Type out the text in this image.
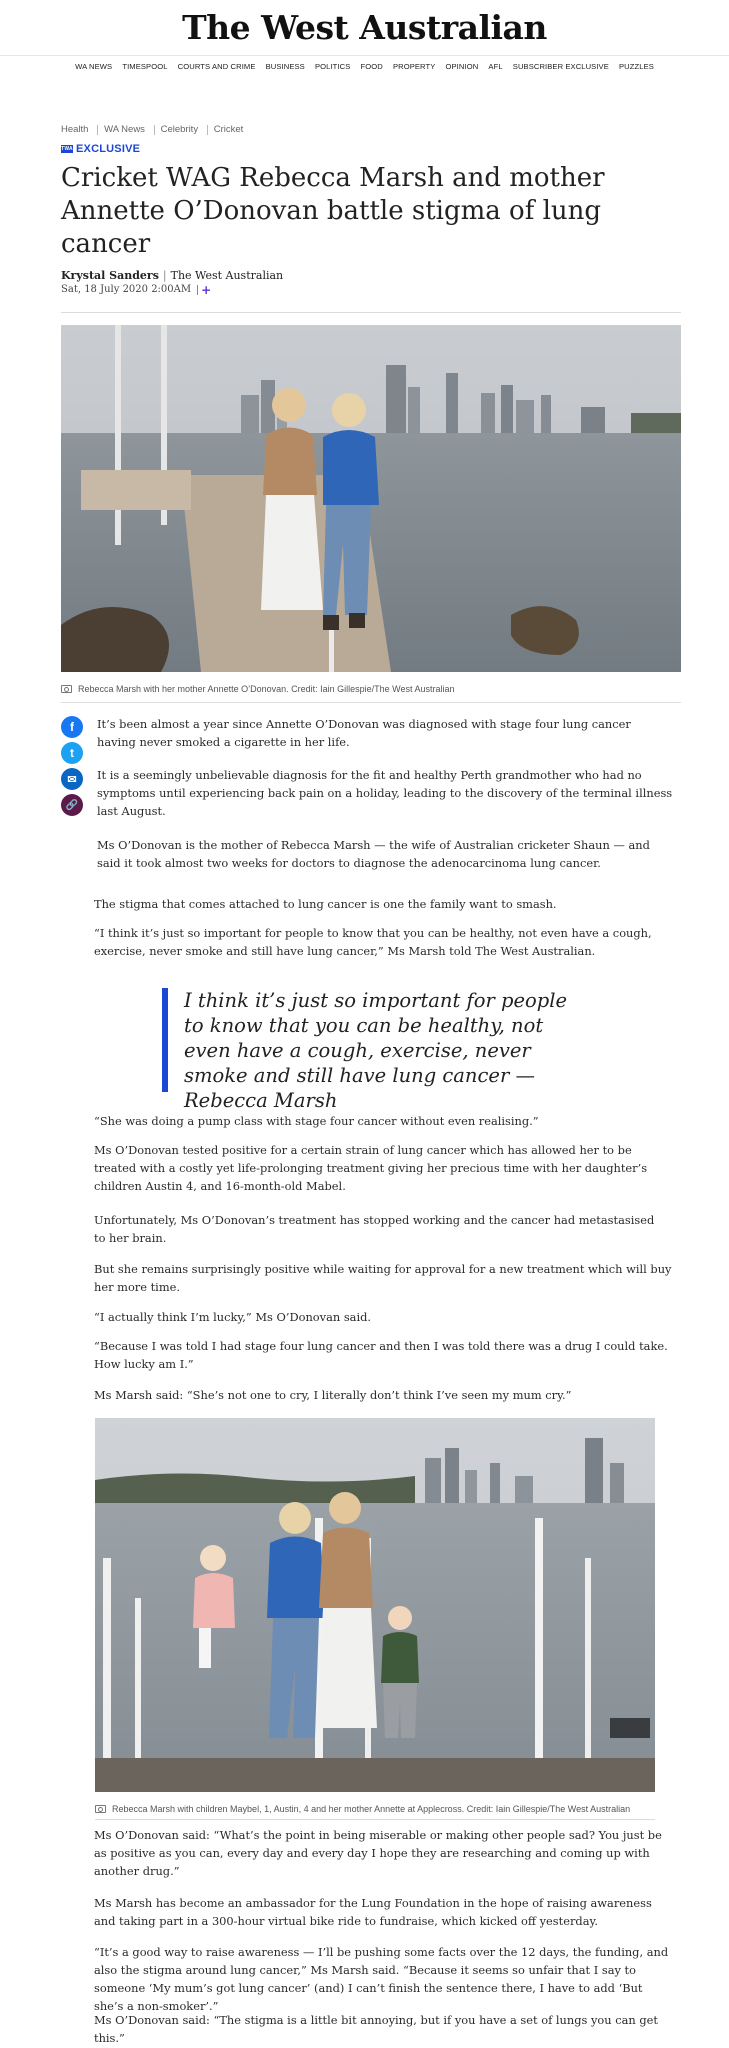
The West Australian
WA NEWS TIMESPOOL COURTS AND CRIME BUSINESS POLITICS FOOD PROPERTY OPINION AFL SUBSCRIBER EXCLUSIVE PUZZLES
Health WA News Celebrity Cricket
TWA EXCLUSIVE
Cricket WAG Rebecca Marsh and mother Annette O’Donovan battle stigma of lung cancer
Krystal Sanders | The West Australian
Sat, 18 July 2020 2:00AM +
Rebecca Marsh with her mother Annette O’Donovan. Credit: Iain Gillespie/The West Australian
f
t
✉
🔗

It’s been almost a year since Annette O’Donovan was diagnosed with stage four lung cancer having never smoked a cigarette in her life.

It is a seemingly unbelievable diagnosis for the fit and healthy Perth grandmother who had no symptoms until experiencing back pain on a holiday, leading to the discovery of the terminal illness last August.

Ms O’Donovan is the mother of Rebecca Marsh — the wife of Australian cricketer Shaun — and said it took almost two weeks for doctors to diagnose the adenocarcinoma lung cancer.

The stigma that comes attached to lung cancer is one the family want to smash.

“I think it’s just so important for people to know that you can be healthy, not even have a cough, exercise, never smoke and still have lung cancer,” Ms Marsh told The West Australian.

I think it’s just so important for people to know that you can be healthy, not even have a cough, exercise, never smoke and still have lung cancer — Rebecca Marsh

“She was doing a pump class with stage four cancer without even realising.”

Ms O’Donovan tested positive for a certain strain of lung cancer which has allowed her to be treated with a costly yet life-prolonging treatment giving her precious time with her daughter’s children Austin 4, and 16-month-old Mabel.

Unfortunately, Ms O’Donovan’s treatment has stopped working and the cancer had metastasised to her brain.

But she remains surprisingly positive while waiting for approval for a new treatment which will buy her more time.

“I actually think I’m lucky,” Ms O’Donovan said.

“Because I was told I had stage four lung cancer and then I was told there was a drug I could take. How lucky am I.”

Ms Marsh said: “She’s not one to cry, I literally don’t think I’ve seen my mum cry.”

Rebecca Marsh with children Maybel, 1, Austin, 4 and her mother Annette at Applecross. Credit: Iain Gillespie/The West Australian

Ms O’Donovan said: “What’s the point in being miserable or making other people sad? You just be as positive as you can, every day and every day I hope they are researching and coming up with another drug.”

Ms Marsh has become an ambassador for the Lung Foundation in the hope of raising awareness and taking part in a 300-hour virtual bike ride to fundraise, which kicked off yesterday.

“It’s a good way to raise awareness — I’ll be pushing some facts over the 12 days, the funding, and also the stigma around lung cancer,” Ms Marsh said. “Because it seems so unfair that I say to someone ‘My mum’s got lung cancer’ (and) I can’t finish the sentence there, I have to add ‘But she’s a non-smoker’.”

Ms O’Donovan said: “The stigma is a little bit annoying, but if you have a set of lungs you can get this.”
